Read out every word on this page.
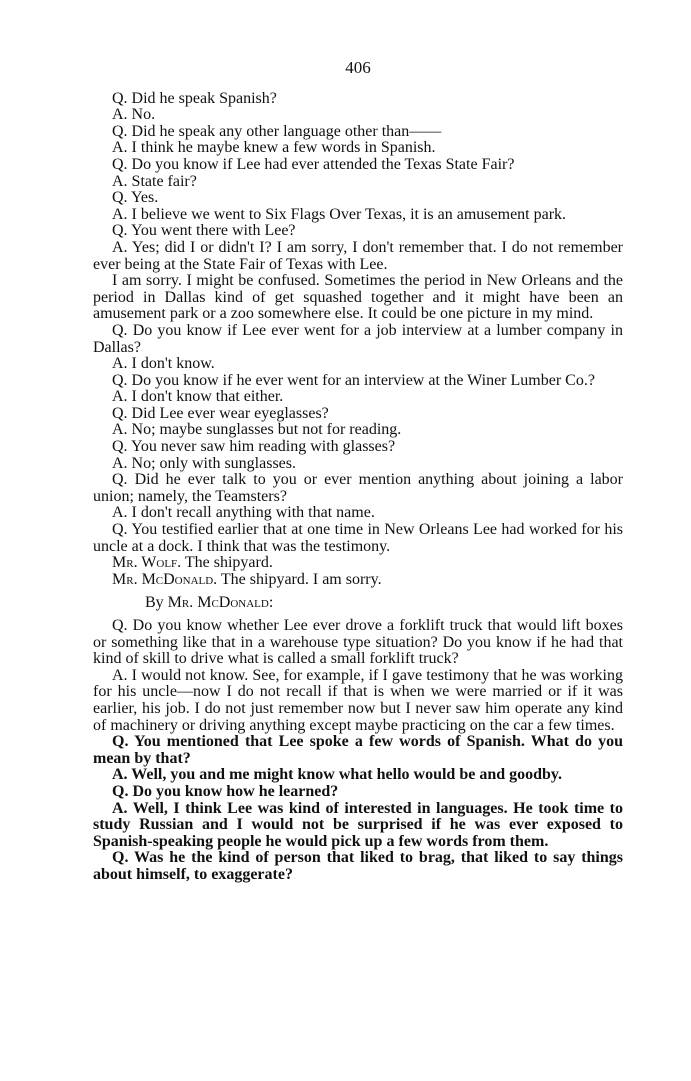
406

Q. Did he speak Spanish?

A. No.

Q. Did he speak any other language other than——

A. I think he maybe knew a few words in Spanish.

Q. Do you know if Lee had ever attended the Texas State Fair?

A. State fair?

Q. Yes.

A. I believe we went to Six Flags Over Texas, it is an amusement park.

Q. You went there with Lee?

A. Yes; did I or didn't I? I am sorry, I don't remember that. I do not remember ever being at the State Fair of Texas with Lee.

I am sorry. I might be confused. Sometimes the period in New Orleans and the period in Dallas kind of get squashed together and it might have been an amusement park or a zoo somewhere else. It could be one picture in my mind.

Q. Do you know if Lee ever went for a job interview at a lumber company in Dallas?

A. I don't know.

Q. Do you know if he ever went for an interview at the Winer Lumber Co.?

A. I don't know that either.

Q. Did Lee ever wear eyeglasses?

A. No; maybe sunglasses but not for reading.

Q. You never saw him reading with glasses?

A. No; only with sunglasses.

Q. Did he ever talk to you or ever mention anything about joining a labor union; namely, the Teamsters?

A. I don't recall anything with that name.

Q. You testified earlier that at one time in New Orleans Lee had worked for his uncle at a dock. I think that was the testimony.

Mr. Wolf. The shipyard.

Mr. McDonald. The shipyard. I am sorry.

By Mr. McDonald:

Q. Do you know whether Lee ever drove a forklift truck that would lift boxes or something like that in a warehouse type situation? Do you know if he had that kind of skill to drive what is called a small forklift truck?

A. I would not know. See, for example, if I gave testimony that he was working for his uncle—now I do not recall if that is when we were married or if it was earlier, his job. I do not just remember now but I never saw him operate any kind of machinery or driving anything except maybe practicing on the car a few times.

Q. You mentioned that Lee spoke a few words of Spanish. What do you mean by that?

A. Well, you and me might know what hello would be and goodby.

Q. Do you know how he learned?

A. Well, I think Lee was kind of interested in languages. He took time to study Russian and I would not be surprised if he was ever exposed to Spanish-speaking people he would pick up a few words from them.

Q. Was he the kind of person that liked to brag, that liked to say things about himself, to exaggerate?
